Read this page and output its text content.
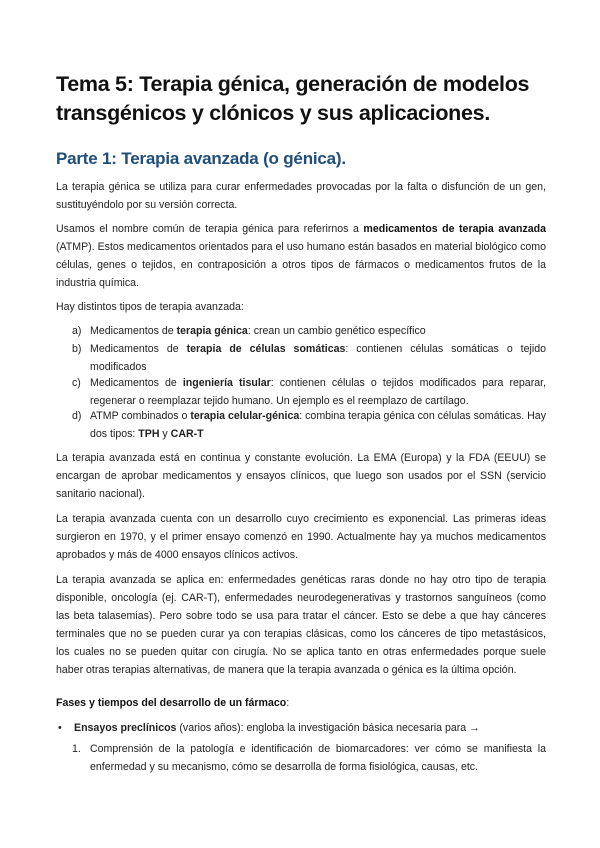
Tema 5: Terapia génica, generación de modelos transgénicos y clónicos y sus aplicaciones.
Parte 1: Terapia avanzada (o génica).

La terapia génica se utiliza para curar enfermedades provocadas por la falta o disfunción de un gen, sustituyéndolo por su versión correcta.

Usamos el nombre común de terapia génica para referirnos a medicamentos de terapia avanzada (ATMP). Estos medicamentos orientados para el uso humano están basados en material biológico como células, genes o tejidos, en contraposición a otros tipos de fármacos o medicamentos frutos de la industria química.

Hay distintos tipos de terapia avanzada:

a) Medicamentos de terapia génica: crean un cambio genético específico

b) Medicamentos de terapia de células somáticas: contienen células somáticas o tejido modificados

c) Medicamentos de ingeniería tisular: contienen células o tejidos modificados para reparar, regenerar o reemplazar tejido humano. Un ejemplo es el reemplazo de cartílago.

d) ATMP combinados o terapia celular-génica: combina terapia génica con células somáticas. Hay dos tipos: TPH y CAR-T

La terapia avanzada está en continua y constante evolución. La EMA (Europa) y la FDA (EEUU) se encargan de aprobar medicamentos y ensayos clínicos, que luego son usados por el SSN (servicio sanitario nacional).

La terapia avanzada cuenta con un desarrollo cuyo crecimiento es exponencial. Las primeras ideas surgieron en 1970, y el primer ensayo comenzó en 1990. Actualmente hay ya muchos medicamentos aprobados y más de 4000 ensayos clínicos activos.

La terapia avanzada se aplica en: enfermedades genéticas raras donde no hay otro tipo de terapia disponible, oncología (ej. CAR-T), enfermedades neurodegenerativas y trastornos sanguíneos (como las beta talasemias). Pero sobre todo se usa para tratar el cáncer. Esto se debe a que hay cánceres terminales que no se pueden curar ya con terapias clásicas, como los cánceres de tipo metastásicos, los cuales no se pueden quitar con cirugía. No se aplica tanto en otras enfermedades porque suele haber otras terapias alternativas, de manera que la terapia avanzada o génica es la última opción.

Fases y tiempos del desarrollo de un fármaco:

• Ensayos preclínicos (varios años): engloba la investigación básica necesaria para →

1. Comprensión de la patología e identificación de biomarcadores: ver cómo se manifiesta la enfermedad y su mecanismo, cómo se desarrolla de forma fisiológica, causas, etc.
